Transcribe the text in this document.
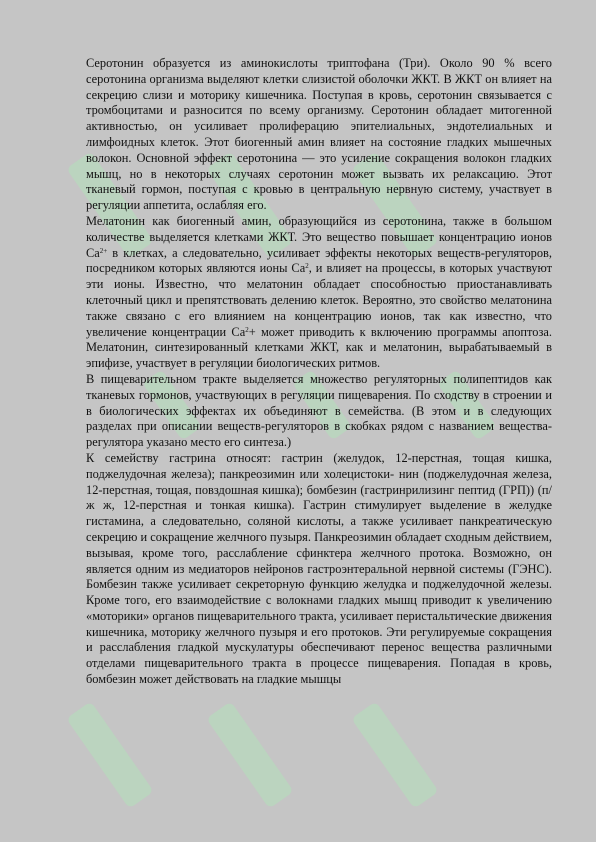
Серотонин образуется из аминокислоты триптофана (Три). Около 90 % всего серотонина организма выделяют клетки слизистой оболочки ЖКТ. В ЖКТ он влияет на секрецию слизи и моторику кишечника. Поступая в кровь, серотонин связывается с тромбоцитами и разносится по всему организму. Серотонин обладает митогенной активностью, он усиливает пролиферацию эпителиальных, эндотелиальных и лимфоидных клеток. Этот биогенный амин влияет на состояние гладких мышечных волокон. Основной эффект серотонина — это усиление сокращения волокон гладких мышц, но в некоторых случаях серотонин может вызвать их релаксацию. Этот тканевый гормон, поступая с кровью в центральную нервную систему, участвует в регуляции аппетита, ослабляя его.

Мелатонин как биогенный амин, образующийся из серотонина, также в большом количестве выделяется клетками ЖКТ. Это вещество повышает концентрацию ионов $Са^{2+}$ в клетках, а следовательно, усиливает эффекты некоторых веществ-регуляторов, посредником которых являются ионы $Са^2$, и влияет на процессы, в которых участвуют эти ионы. Известно, что мелатонин обладает способностью приостанавливать клеточный цикл и препятствовать делению клеток. Вероятно, это свойство мелатонина также связано с его влиянием на концентрацию ионов, так как известно, что увеличение концентрации $Са^2+$ может приводить к включению программы апоптоза. Мелатонин, синтезированный клетками ЖКТ, как и мелатонин, вырабатываемый в эпифизе, участвует в регуляции биологических ритмов.

В пищеварительном тракте выделяется множество регуляторных полипептидов как тканевых гормонов, участвующих в регуляции пищеварения. По сходству в строении и в биологических эффектах их объединяют в семейства. (В этом и в следующих разделах при описании веществ-регуляторов в скобках рядом с названием вещества-регулятора указано место его синтеза.)

К семейству гастрина относят: гастрин (желудок, 12-перстная, тощая кишка, поджелудочная железа); панкреозимин или холецистоки- нин (поджелудочная железа, 12-перстная, тощая, повздошная кишка); бомбезин (гастринрилизинг пептид (ГРП)) (п/ж ж, 12-перстная и тонкая кишка). Гастрин стимулирует выделение в желудке гистамина, а следовательно, соляной кислоты, а также усиливает панкреатическую секрецию и сокращение желчного пузыря. Панкреозимин обладает сходным действием, вызывая, кроме того, расслабление сфинктера желчного протока. Возможно, он является одним из медиаторов нейронов гастроэнтеральной нервной системы (ГЭНС). Бомбезин также усиливает секреторную функцию желудка и поджелудочной железы. Кроме того, его взаимодействие с волокнами гладких мышц приводит к увеличению «моторики» органов пищеварительного тракта, усиливает перистальтические движения кишечника, моторику желчного пузыря и его протоков. Эти регулируемые сокращения и расслабления гладкой мускулатуры обеспечивают перенос вещества различными отделами пищеварительного тракта в процессе пищеварения. Попадая в кровь, бомбезин может действовать на гладкие мышцы
